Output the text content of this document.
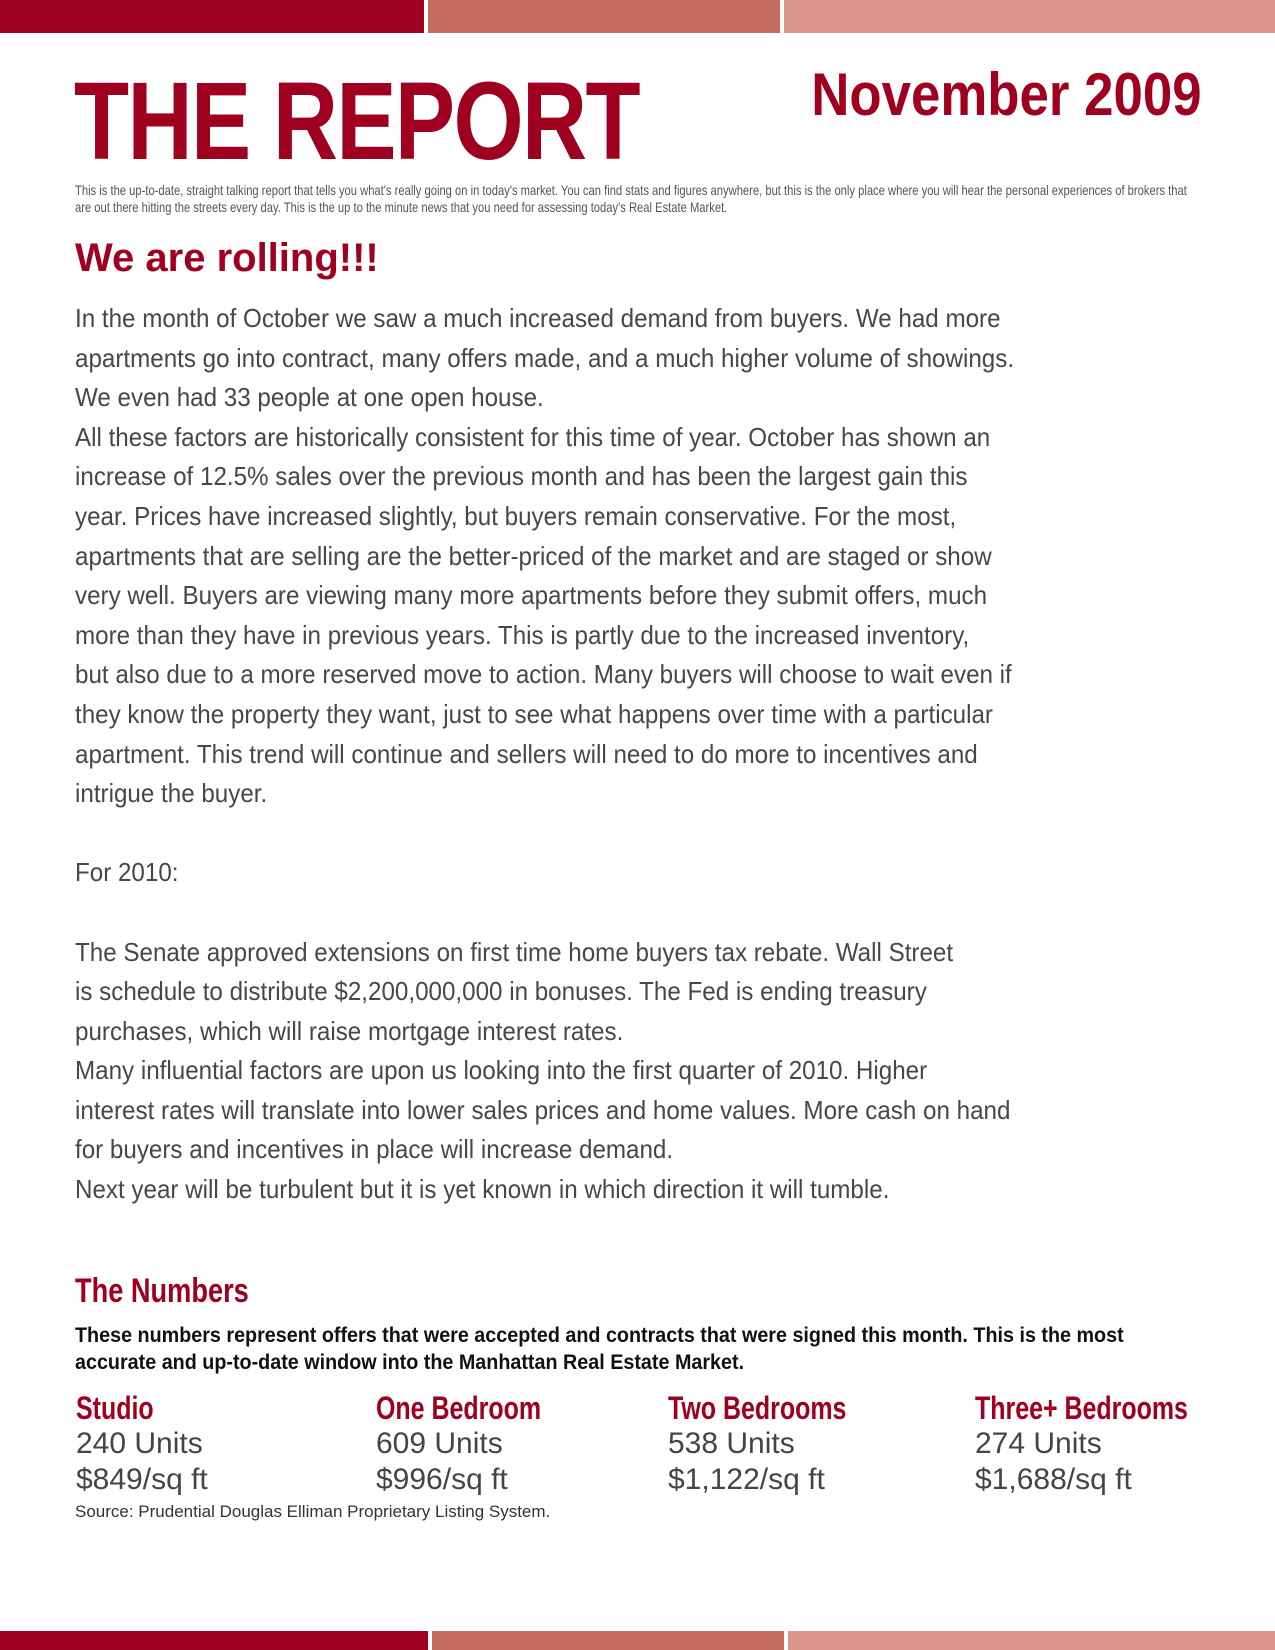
THE REPORT	November 2009
This is the up-to-date, straight talking report that tells you what's really going on in today's market. You can find stats and figures anywhere, but this is the only place where you will hear the personal experiences of brokers that are out there hitting the streets every day. This is the up to the minute news that you need for assessing today's Real Estate Market.
We are rolling!!!
In the month of October we saw a much increased demand from buyers. We had more
apartments go into contract, many offers made, and a much higher volume of showings.
We even had 33 people at one open house.
All these factors are historically consistent for this time of year. October has shown an
increase of 12.5% sales over the previous month and has been the largest gain this
year. Prices have increased slightly, but buyers remain conservative. For the most,
apartments that are selling are the better-priced of the market and are staged or show
very well. Buyers are viewing many more apartments before they submit offers, much
more than they have in previous years. This is partly due to the increased inventory,
but also due to a more reserved move to action. Many buyers will choose to wait even if
they know the property they want, just to see what happens over time with a particular
apartment. This trend will continue and sellers will need to do more to incentives and
intrigue the buyer.
For 2010:
The Senate approved extensions on first time home buyers tax rebate. Wall Street
is schedule to distribute $2,200,000,000 in bonuses. The Fed is ending treasury
purchases, which will raise mortgage interest rates.
Many influential factors are upon us looking into the first quarter of 2010. Higher
interest rates will translate into lower sales prices and home values. More cash on hand
for buyers and incentives in place will increase demand.
Next year will be turbulent but it is yet known in which direction it will tumble.
The Numbers
These numbers represent offers that were accepted and contracts that were signed this month. This is the most accurate and up-to-date window into the Manhattan Real Estate Market.
Studio
240 Units
$849/sq ft
One Bedroom
609 Units
$996/sq ft
Two Bedrooms
538 Units
$1,122/sq ft
Three+ Bedrooms
274 Units
$1,688/sq ft
Source: Prudential Douglas Elliman Proprietary Listing System.
